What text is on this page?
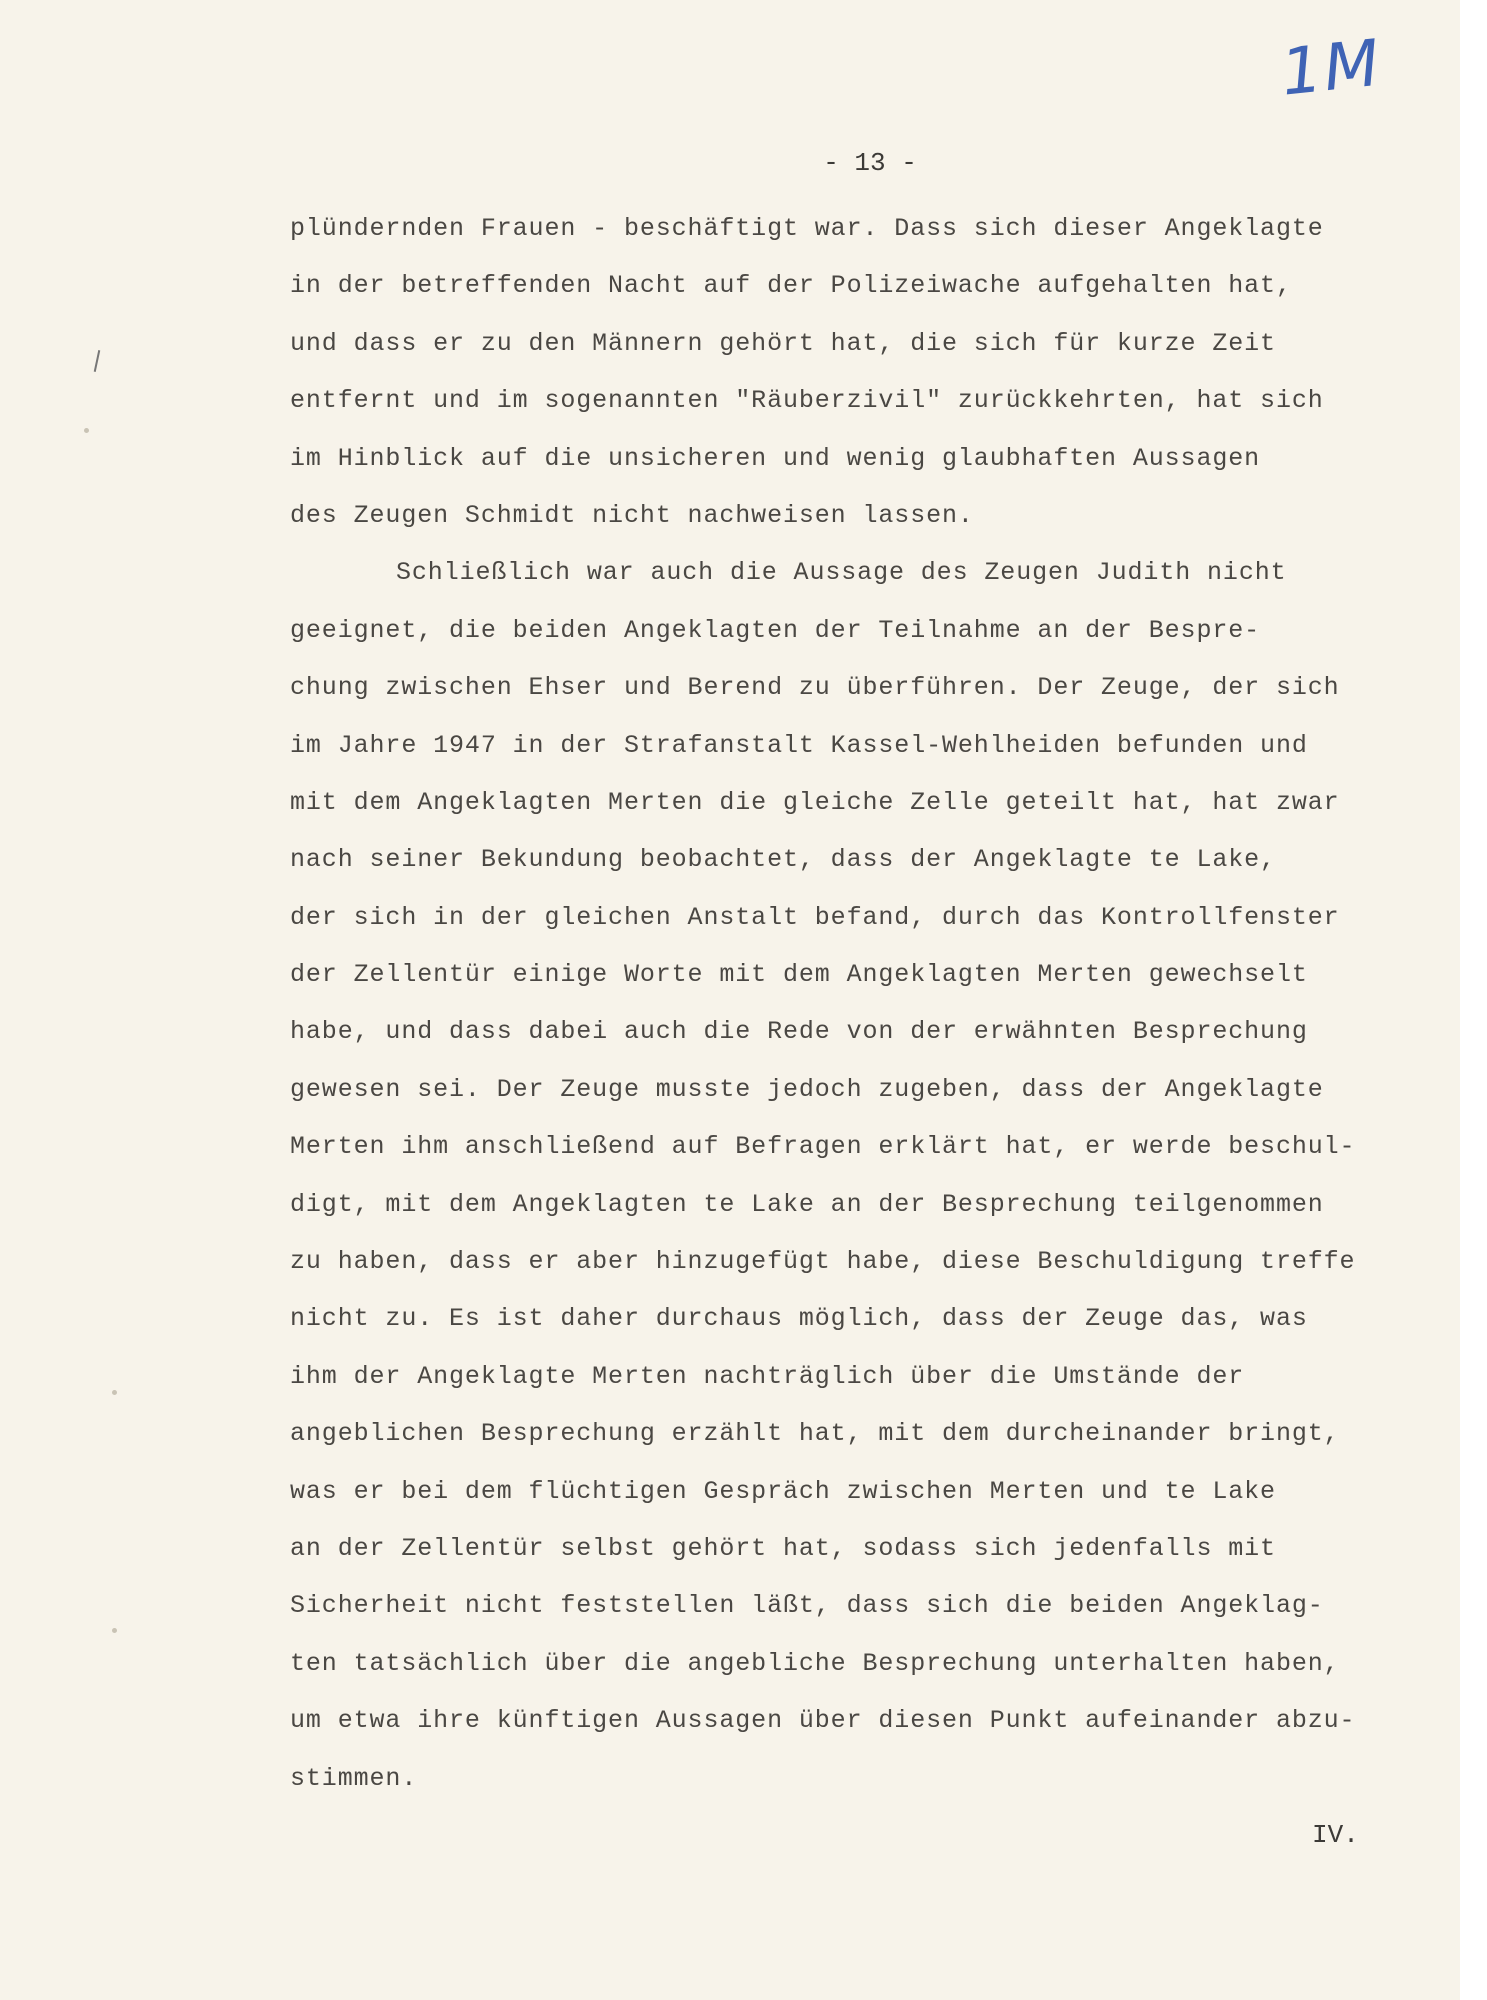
1M
- 13 -
plündernden Frauen - beschäftigt war. Dass sich dieser Angeklagte
in der betreffenden Nacht auf der Polizeiwache aufgehalten hat,
und dass er zu den Männern gehört hat, die sich für kurze Zeit
entfernt und im sogenannten "Räuberzivil" zurückkehrten, hat sich
im Hinblick auf die unsicheren und wenig glaubhaften Aussagen
des Zeugen Schmidt nicht nachweisen lassen.
Schließlich war auch die Aussage des Zeugen Judith nicht
geeignet, die beiden Angeklagten der Teilnahme an der Bespre-
chung zwischen Ehser und Berend zu überführen. Der Zeuge, der sich
im Jahre 1947 in der Strafanstalt Kassel-Wehlheiden befunden und
mit dem Angeklagten Merten die gleiche Zelle geteilt hat, hat zwar
nach seiner Bekundung beobachtet, dass der Angeklagte te Lake,
der sich in der gleichen Anstalt befand, durch das Kontrollfenster
der Zellentür einige Worte mit dem Angeklagten Merten gewechselt
habe, und dass dabei auch die Rede von der erwähnten Besprechung
gewesen sei. Der Zeuge musste jedoch zugeben, dass der Angeklagte
Merten ihm anschließend auf Befragen erklärt hat, er werde beschul-
digt, mit dem Angeklagten te Lake an der Besprechung teilgenommen
zu haben, dass er aber hinzugefügt habe, diese Beschuldigung treffe
nicht zu. Es ist daher durchaus möglich, dass der Zeuge das, was
ihm der Angeklagte Merten nachträglich über die Umstände der
angeblichen Besprechung erzählt hat, mit dem durcheinander bringt,
was er bei dem flüchtigen Gespräch zwischen Merten und te Lake
an der Zellentür selbst gehört hat, sodass sich jedenfalls mit
Sicherheit nicht feststellen läßt, dass sich die beiden Angeklag-
ten tatsächlich über die angebliche Besprechung unterhalten haben,
um etwa ihre künftigen Aussagen über diesen Punkt aufeinander abzu-
stimmen.
IV.
